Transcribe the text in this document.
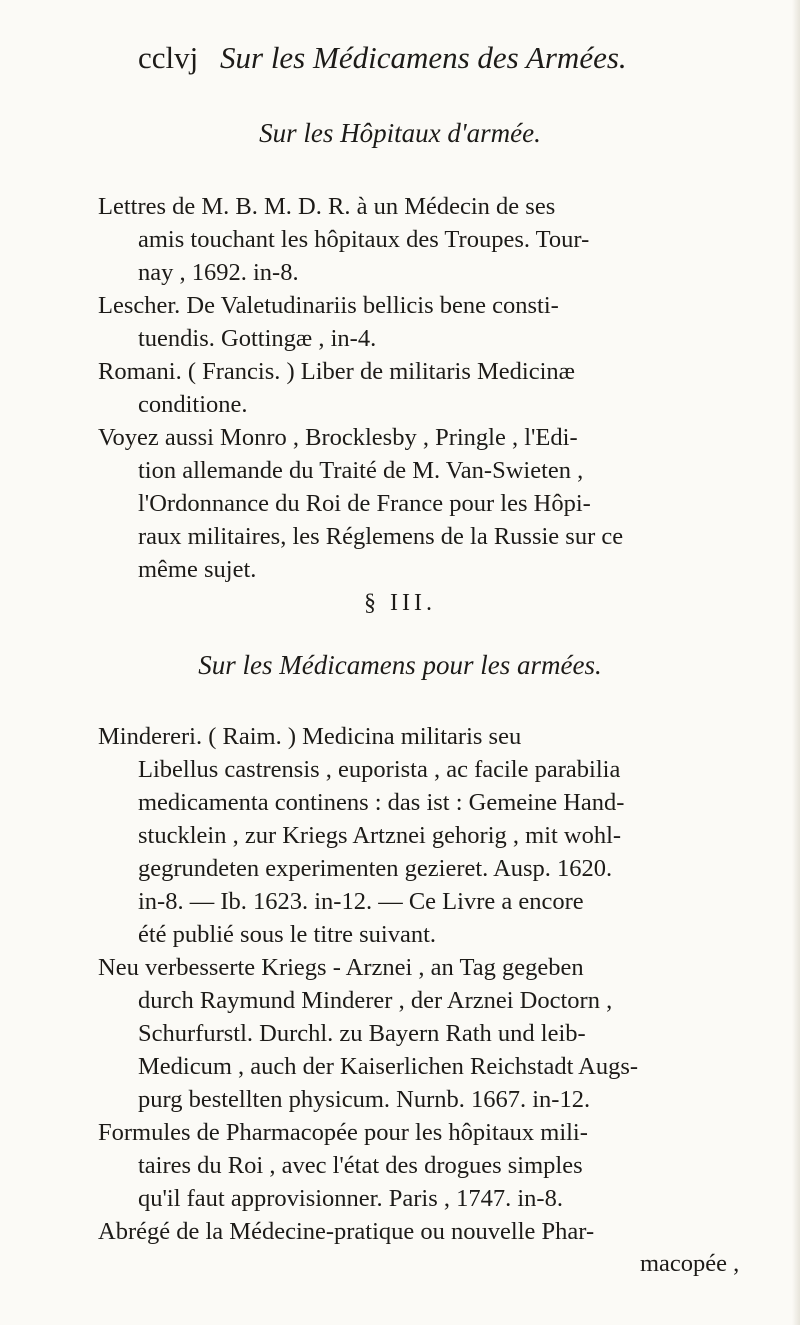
cclvj Sur les Médicamens des Armées.
Sur les Hôpitaux d'armée.
Lettres de M. B. M. D. R. à un Médecin de ses
amis touchant les hôpitaux des Troupes. Tour-
nay , 1692. in-8.
Lescher. De Valetudinariis bellicis bene consti-
tuendis. Gottingæ , in-4.
Romani. ( Francis. ) Liber de militaris Medicinæ
conditione.
Voyez aussi Monro , Brocklesby , Pringle , l'Edi-
tion allemande du Traité de M. Van-Swieten ,
l'Ordonnance du Roi de France pour les Hôpi-
raux militaires, les Réglemens de la Russie sur ce
même sujet.
§ III.
Sur les Médicamens pour les armées.
Mindereri. ( Raim. ) Medicina militaris seu
Libellus castrensis , euporista , ac facile parabilia
medicamenta continens : das ist : Gemeine Hand-
stucklein , zur Kriegs Artznei gehorig , mit wohl-
gegrundeten experimenten gezieret. Ausp. 1620.
in-8. — Ib. 1623. in-12. — Ce Livre a encore
été publié sous le titre suivant.
Neu verbesserte Kriegs - Arznei , an Tag gegeben
durch Raymund Minderer , der Arznei Doctorn ,
Schurfurstl. Durchl. zu Bayern Rath und leib-
Medicum , auch der Kaiserlichen Reichstadt Augs-
purg bestellten physicum. Nurnb. 1667. in-12.
Formules de Pharmacopée pour les hôpitaux mili-
taires du Roi , avec l'état des drogues simples
qu'il faut approvisionner. Paris , 1747. in-8.
Abrégé de la Médecine-pratique ou nouvelle Phar-
macopée ,
